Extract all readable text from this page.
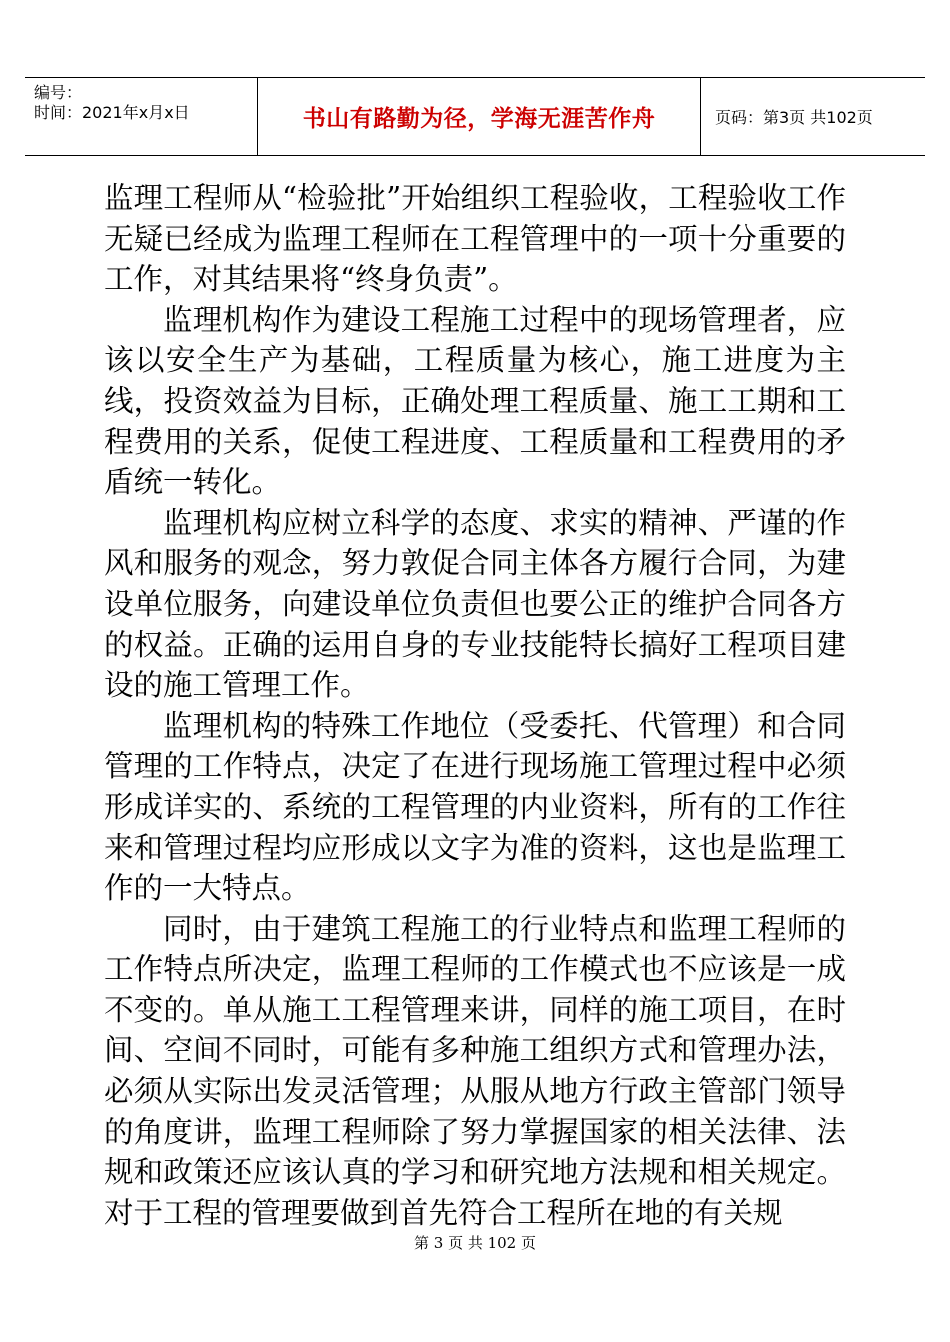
编号：
时间：2021年x月x日	书山有路勤为径，学海无涯苦作舟	页码：第3页 共102页

监理工程师从“检验批”开始组织工程验收，工程验收工作无疑已经成为监理工程师在工程管理中的一项十分重要的工作，对其结果将“终身负责”。

监理机构作为建设工程施工过程中的现场管理者，应该以安全生产为基础，工程质量为核心，施工进度为主线，投资效益为目标，正确处理工程质量、施工工期和工程费用的关系，促使工程进度、工程质量和工程费用的矛盾统一转化。

监理机构应树立科学的态度、求实的精神、严谨的作风和服务的观念，努力敦促合同主体各方履行合同，为建设单位服务，向建设单位负责但也要公正的维护合同各方的权益。正确的运用自身的专业技能特长搞好工程项目建设的施工管理工作。

监理机构的特殊工作地位（受委托、代管理）和合同管理的工作特点，决定了在进行现场施工管理过程中必须形成详实的、系统的工程管理的内业资料，所有的工作往来和管理过程均应形成以文字为准的资料，这也是监理工作的一大特点。

同时，由于建筑工程施工的行业特点和监理工程师的工作特点所决定，监理工程师的工作模式也不应该是一成不变的。单从施工工程管理来讲，同样的施工项目，在时间、空间不同时，可能有多种施工组织方式和管理办法，必须从实际出发灵活管理；从服从地方行政主管部门领导的角度讲，监理工程师除了努力掌握国家的相关法律、法规和政策还应该认真的学习和研究地方法规和相关规定。对于工程的管理要做到首先符合工程所在地的有关规

第 3 页 共 102 页
